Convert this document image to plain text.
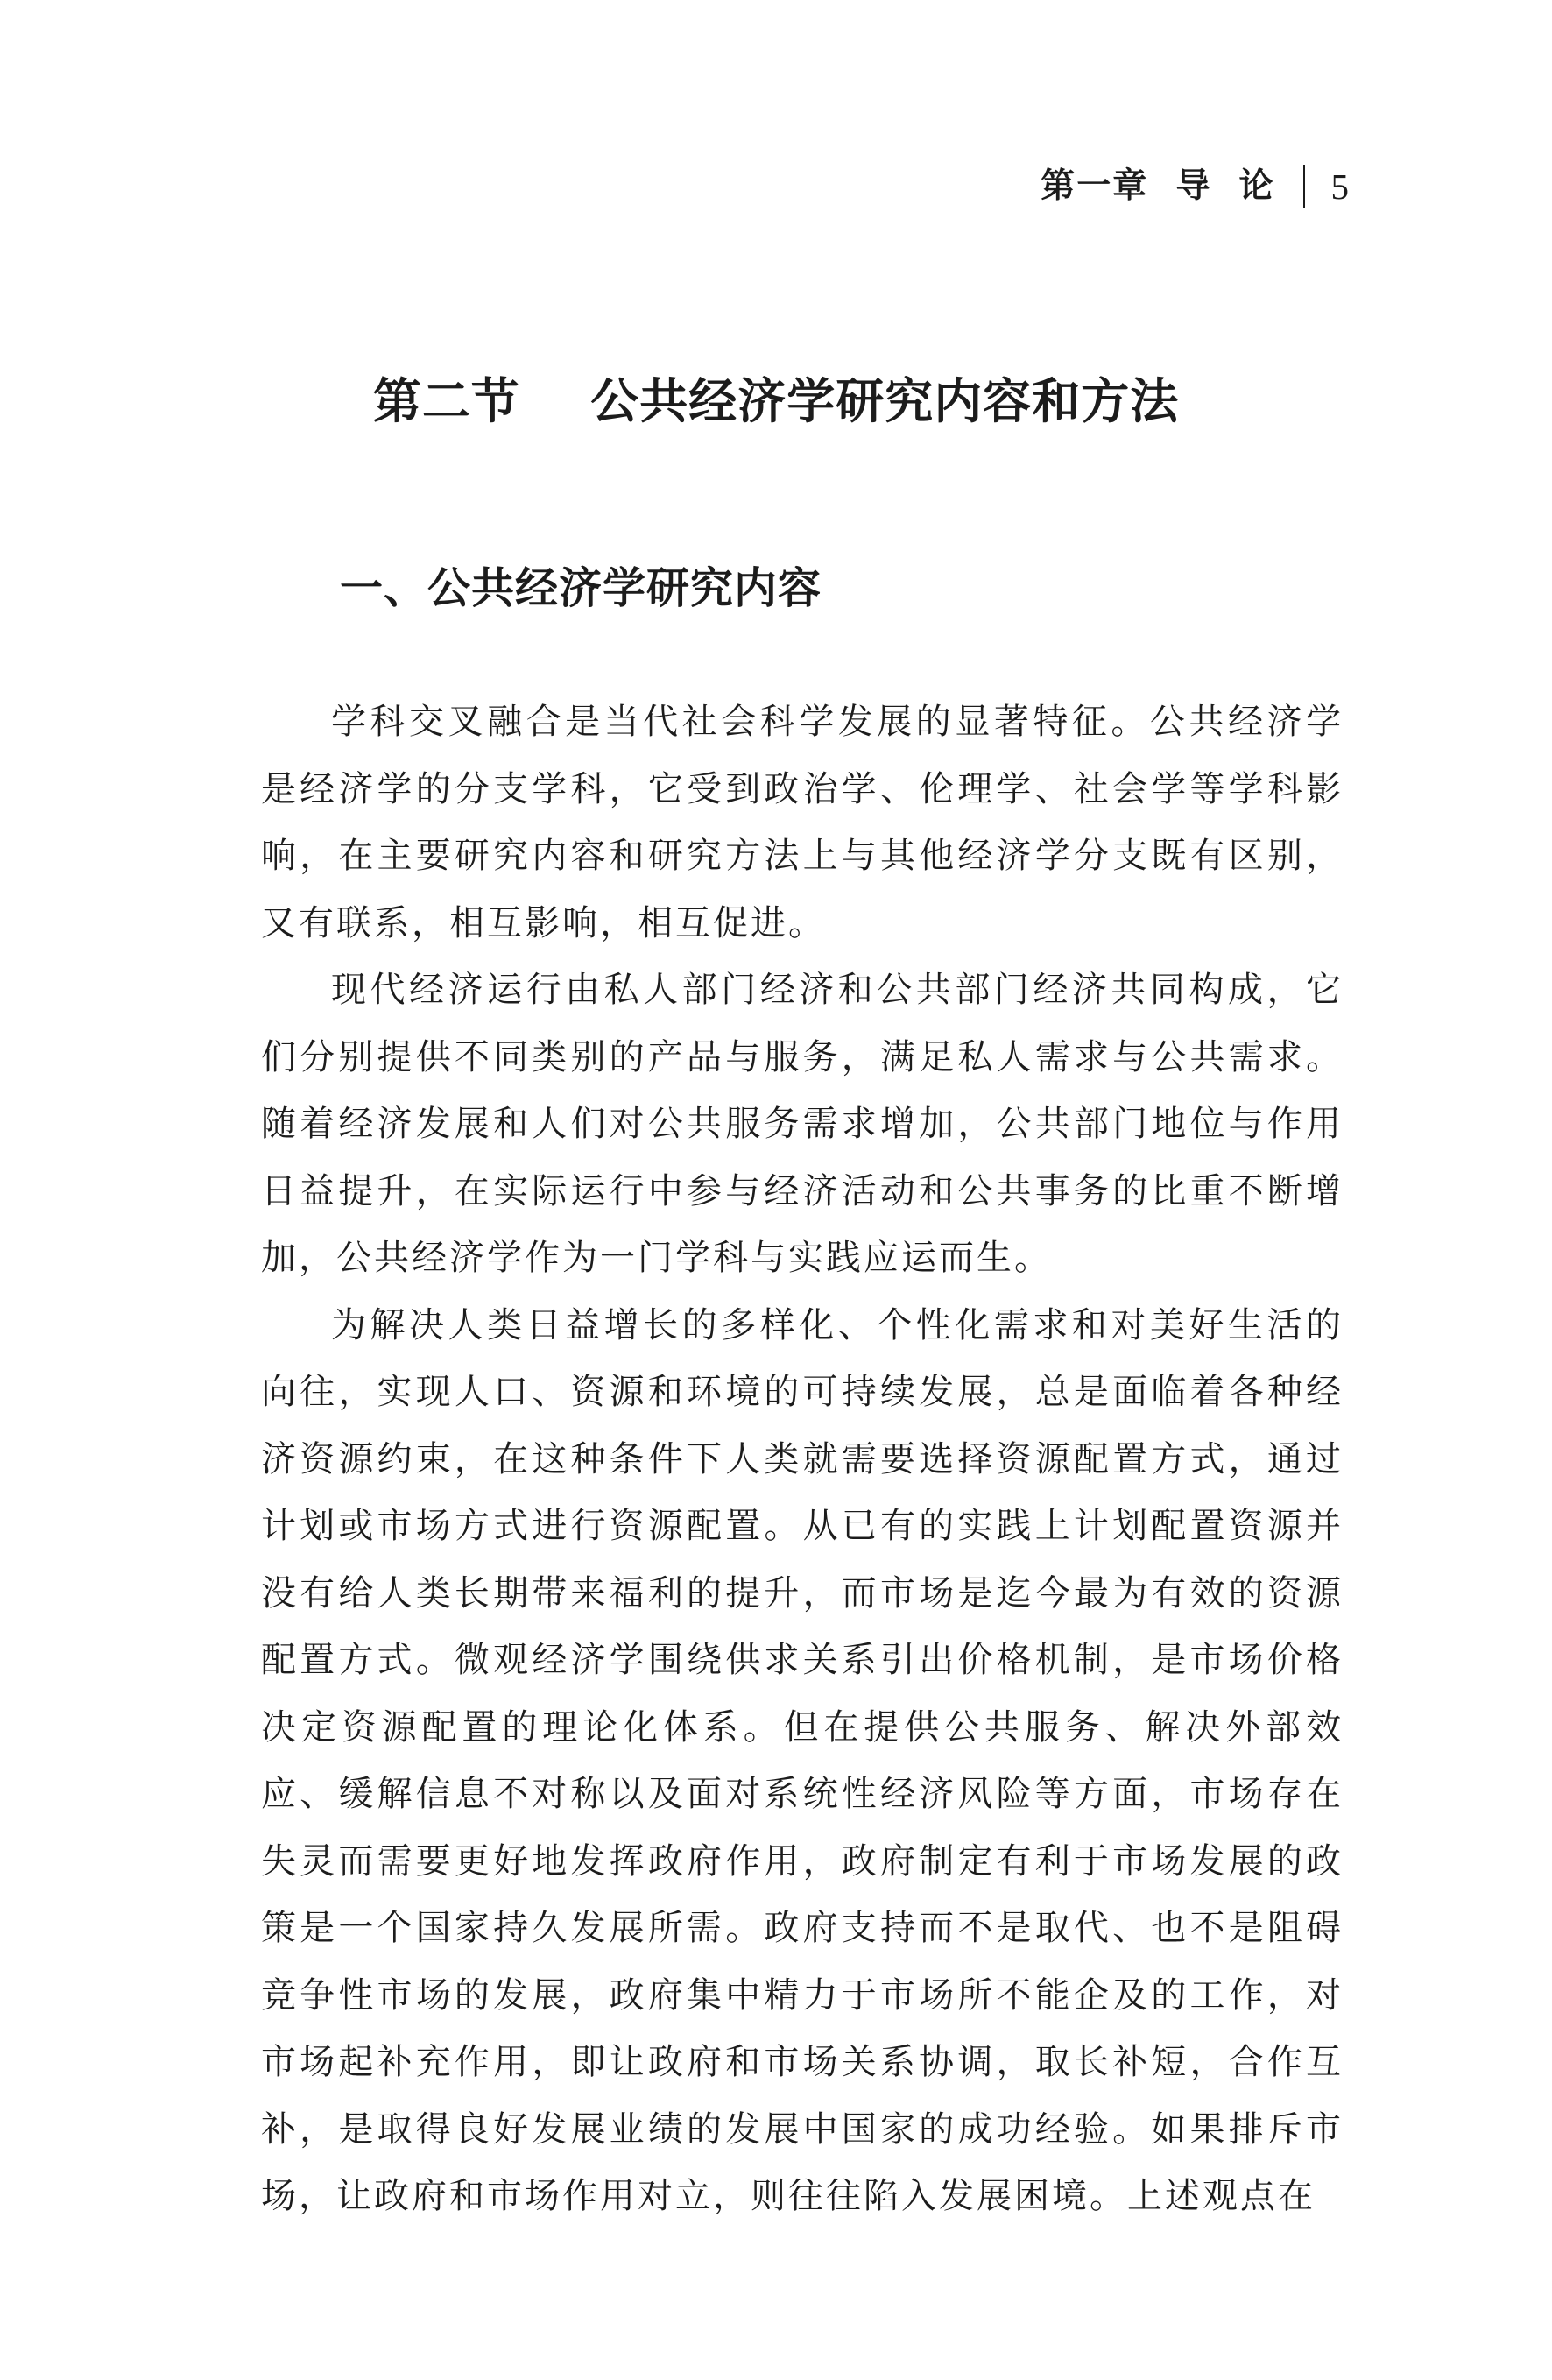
第一章  导  论 5
第二节    公共经济学研究内容和方法
一、公共经济学研究内容

学科交叉融合是当代社会科学发展的显著特征。公共经济学是经济学的分支学科，它受到政治学、伦理学、社会学等学科影响，在主要研究内容和研究方法上与其他经济学分支既有区别，又有联系，相互影响，相互促进。

现代经济运行由私人部门经济和公共部门经济共同构成，它们分别提供不同类别的产品与服务，满足私人需求与公共需求。随着经济发展和人们对公共服务需求增加，公共部门地位与作用日益提升，在实际运行中参与经济活动和公共事务的比重不断增加，公共经济学作为一门学科与实践应运而生。

为解决人类日益增长的多样化、个性化需求和对美好生活的向往，实现人口、资源和环境的可持续发展，总是面临着各种经济资源约束，在这种条件下人类就需要选择资源配置方式，通过计划或市场方式进行资源配置。从已有的实践上计划配置资源并没有给人类长期带来福利的提升，而市场是迄今最为有效的资源配置方式。微观经济学围绕供求关系引出价格机制，是市场价格决定资源配置的理论化体系。但在提供公共服务、解决外部效应、缓解信息不对称以及面对系统性经济风险等方面，市场存在失灵而需要更好地发挥政府作用，政府制定有利于市场发展的政策是一个国家持久发展所需。政府支持而不是取代、也不是阻碍竞争性市场的发展，政府集中精力于市场所不能企及的工作，对市场起补充作用，即让政府和市场关系协调，取长补短，合作互补，是取得良好发展业绩的发展中国家的成功经验。如果排斥市场，让政府和市场作用对立，则往往陷入发展困境。上述观点在
